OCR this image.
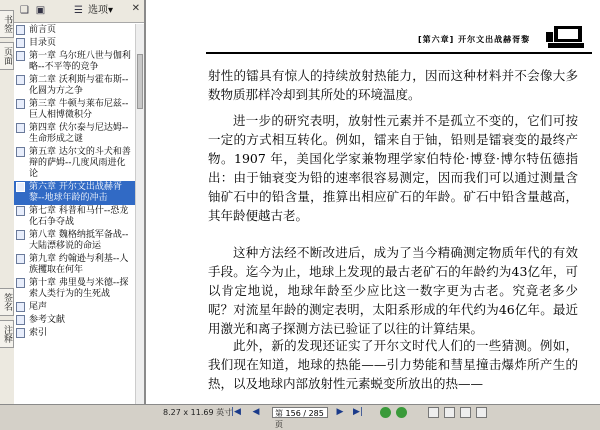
书签
页面
签名
注释
❑ ▣	☰ 选项▾ ✕
前言页
目录页
第一章 乌尔班八世与伽利略--不平等的竞争
第二章 沃利斯与霍布斯--化圆为方之争
第三章 牛顿与莱布尼兹--巨人相博微积分
第四章 伏尔泰与尼达姆--生命形成之谜
第五章 达尔文的斗犬和善辩的萨姆--几度风雨进化论
第六章 开尔文出战赫胥黎--地球年龄的冲击
第七章 科普和马什--恐龙化石争夺战
第八章 魏格纳抵军备战--大陆漂移说的命运
第九章 约翰逊与利基--人族攫取在何年
第十章 弗里曼与米德--探索人类行为的生死战
尾声
参考文献
索引
[第六章] 开尔文出战赫胥黎

射性的镭具有惊人的持续放射热能力，因而这种材料并不会像大多数物质那样冷却到其所处的环境温度。

进一步的研究表明，放射性元素并不是孤立不变的，它们可按一定的方式相互转化。例如，镭来自于铀，铅则是镭衰变的最终产物。1907 年，美国化学家兼物理学家伯特伦·博登·博尔特伍德指出：由于铀衰变为铅的速率很容易测定，因而我们可以通过测量含铀矿石中的铅含量，推算出相应矿石的年龄。矿石中铅含量越高，其年龄便越古老。

这种方法经不断改进后，成为了当今精确测定物质年代的有效手段。迄今为止，地球上发现的最古老矿石的年龄约为43亿年，可以肯定地说，地球年龄至少应比这一数字更为古老。究竟老多少呢？对流星年龄的测定表明，太阳系形成的年代约为46亿年。最近用激光和离子探测方法已验证了以往的计算结果。

此外，新的发现还证实了开尔文时代人们的一些猜测。例如，我们现在知道，地球的热能——引力势能和彗星撞击爆炸所产生的热，以及地球内部放射性元素蜕变所放出的热——

8.27 x 11.69 英寸
|◀ ◀	第 156 / 285 页
▶ ▶|
